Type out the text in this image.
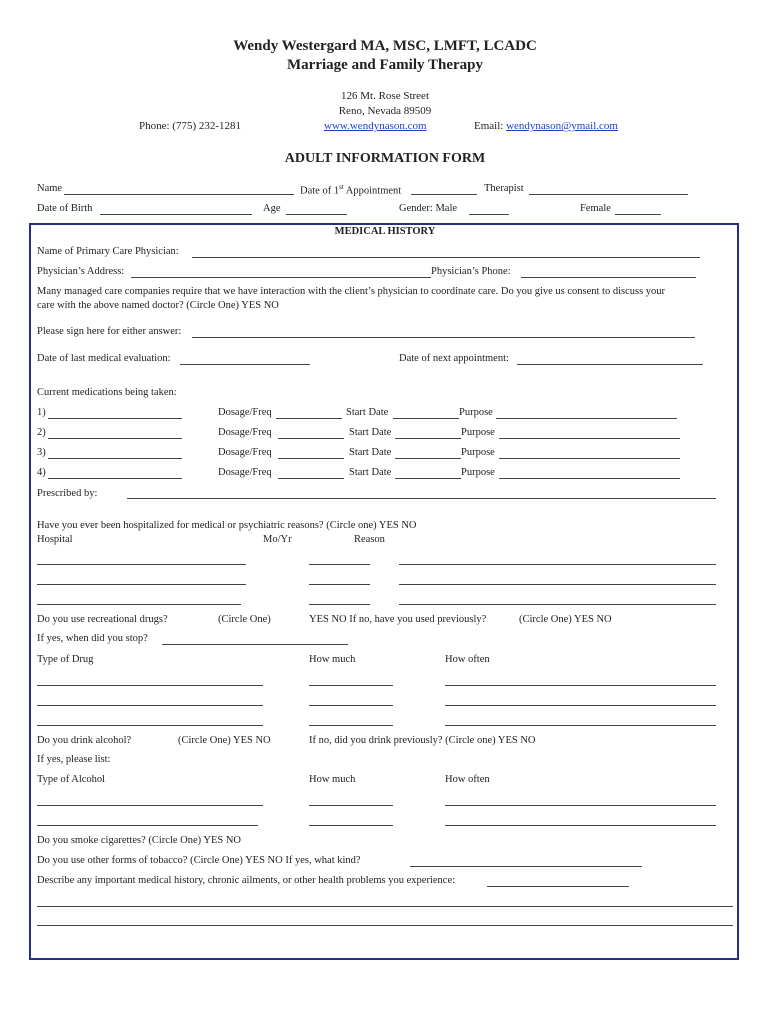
Wendy Westergard MA, MSC, LMFT, LCADC
Marriage and Family Therapy
126 Mt. Rose Street
Reno, Nevada 89509
Phone: (775) 232-1281	www.wendynason.com	Email: wendynason@ymail.com
ADULT INFORMATION FORM
Name	Date of 1st Appointment	Therapist
Date of Birth	Age	Gender: Male	Female
MEDICAL HISTORY
Name of Primary Care Physician:
Physician’s Address:	Physician’s Phone:
Many managed care companies require that we have interaction with the client’s physician to coordinate care. Do you give us consent to discuss your
care with the above named doctor? (Circle One) YES NO
Please sign here for either answer:
Date of last medical evaluation:	Date of next appointment:
Current medications being taken:
1)	Dosage/Freq	Start Date	Purpose
2)	Dosage/Freq	Start Date	Purpose
3)	Dosage/Freq	Start Date	Purpose
4)	Dosage/Freq	Start Date	Purpose
Prescribed by:
Have you ever been hospitalized for medical or psychiatric reasons? (Circle one) YES NO
Hospital	Mo/Yr	Reason
Do you use recreational drugs?	(Circle One)	YES NO If no, have you used previously?	(Circle One) YES NO
If yes, when did you stop?
Type of Drug	How much	How often
Do you drink alcohol?	(Circle One) YES NO	If no, did you drink previously? (Circle one) YES NO
If yes, please list:
Type of Alcohol	How much	How often
Do you smoke cigarettes? (Circle One) YES NO
Do you use other forms of tobacco? (Circle One) YES NO If yes, what kind?
Describe any important medical history, chronic ailments, or other health problems you experience:
